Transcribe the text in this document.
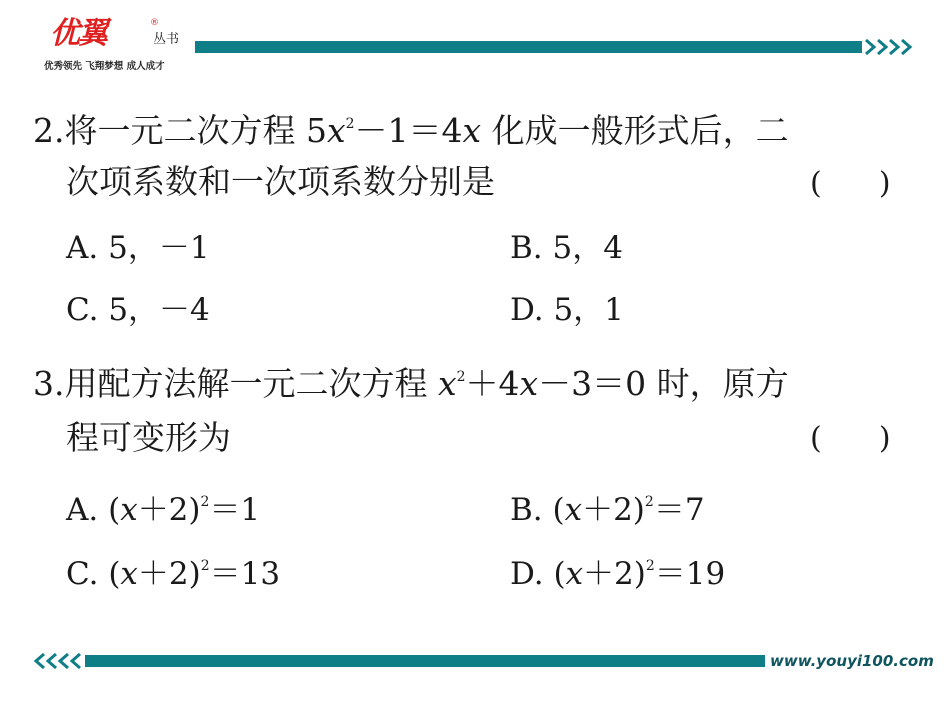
优翼	®
丛书
优秀领先 飞翔梦想 成人成才
2.将一元二次方程 $5x^2-1=4x$ 化成一般形式后，二
次项系数和一次项系数分别是	(      )
A. 5，－1	B. 5，4
C. 5，－4	D. 5，1
3.用配方法解一元二次方程 $x^2+4x-3=0$ 时，原方
程可变形为	(      )
A. $(x+2)^2=1$	B. $(x+2)^2=7$
C. $(x+2)^2=13$	D. $(x+2)^2=19$
www.youyi100.com
